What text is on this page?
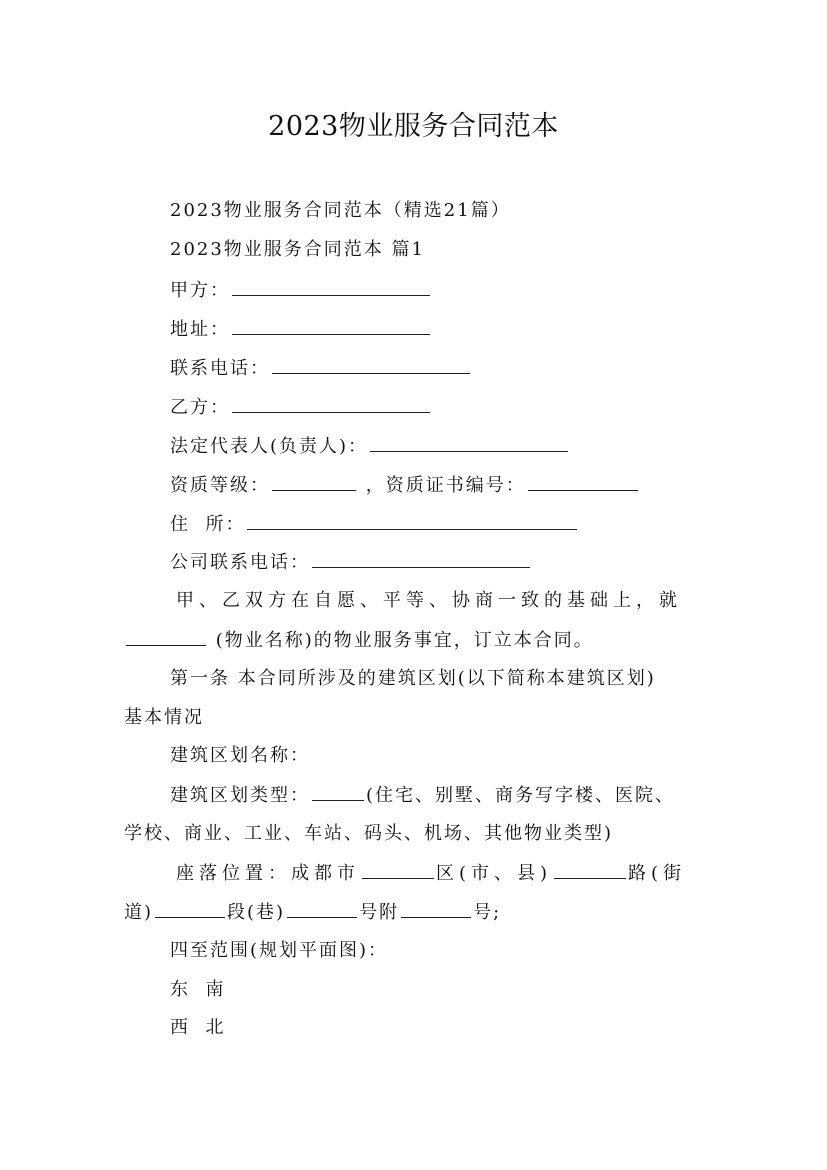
2023物业服务合同范本
2023物业服务合同范本（精选21篇）
2023物业服务合同范本 篇1
甲方：
地址：
联系电话：
乙方：
法定代表人(负责人)：
资质等级：	，资质证书编号：
住  所：
公司联系电话：
甲、乙双方在自愿、平等、协商一致的基础上，就
(物业名称)的物业服务事宜，订立本合同。
第一条 本合同所涉及的建筑区划(以下简称本建筑区划)
基本情况
建筑区划名称：
建筑区划类型：	(住宅、别墅、商务写字楼、医院、
学校、商业、工业、车站、码头、机场、其他物业类型)
座落位置：成都市	区(市、县)	路(街
道)	段(巷)	号附	号;
四至范围(规划平面图)：
东  南
西  北
